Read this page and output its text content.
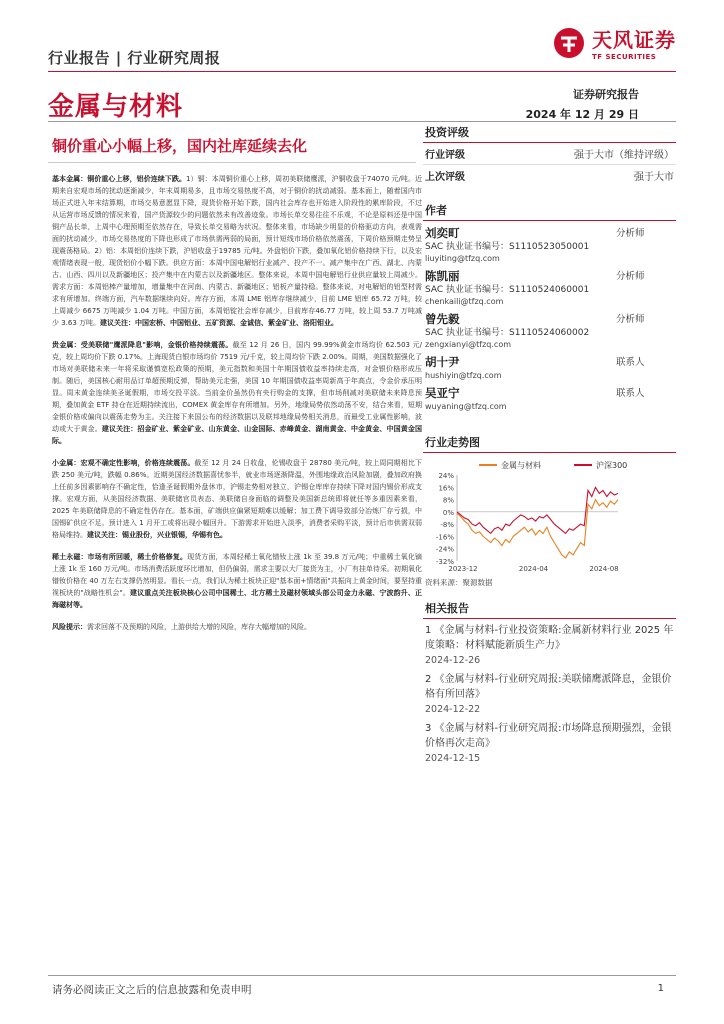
行业报告 | 行业研究周报
天风证券
TF SECURITIES
金属与材料	证券研究报告
2024 年 12 月 29 日
铜价重心小幅上移，国内社库延续去化

基本金属：铜价重心上移，铝价连续下跌。1）铜：本周铜价重心上移，周初美联储鹰派，沪铜收盘于74070 元/吨。近期来自宏观市场的扰动逐渐减少，年末周期易多，且市场交易热度不高，对于铜价的扰动减弱。基本面上，随着国内市场正式进入年末结算期，市场交易意愿显下降，现货价格开始下跌，国内社会库存也开始进入阶段性的累库阶段，不过从运营市场反馈的情况来看，国产货源较少的问题依然未有改善迹象。市场长单交易往往不乐观，不论是原料还是中国铜产品长单，上周中心理预期至依然存在，导致长单交易略为状况。整体来看，市场缺少明显的价格驱动方向，表观需面的扰动减少，市场交易热度的下降也形成了市场供需两弱的局面，预计短线市场价格依然震荡，下周价格预期走势呈现震荡格局。2）铝：本周铝价连续下跌，沪铝收盘于19785 元/吨。外盘铝价下跌，叠加氧化铝价格持续下行，以及宏观情绪表现一般，现货铝价小幅下跌。供应方面：本周中国电解铝行业减产、投产不一。减产集中在广西、湖北、内蒙古、山西、四川以及新疆地区；投产集中在内蒙古以及新疆地区。整体来说，本周中国电解铝行业供应量较上周减少。需求方面：本周铝棒产量增加，增量集中在河南、内蒙古、新疆地区；铝板产量持稳。整体来说，对电解铝的铝型材需求有所增加。终端方面，汽车数据继续向好。库存方面，本周 LME 铝库存继续减少，目前 LME 铝库 65.72 万吨，较上周减少 6675 万吨减少 1.04 万吨。中国方面，本周铝锭社会库存减少，目前库存46.77 万吨，较上周 53.7 万吨减少 3.63 万吨。建议关注：中国宏桥、中国铝业、五矿资源、金诚信、紫金矿业、洛阳钼业。

贵金属：受美联储"鹰派降息"影响，金银价格持续震荡。截至 12 月 26 日，国内 99.99%黄金市场均价 62.503 元/克，较上周均价下跌 0.17%。上海现货白银市场均价 7519 元/千克，较上周均价下跌 2.00%。周期，美国数据强化了市场对美联储未来一年将采取谨慎宽松政策的预期，美元指数和美国十年期国债收益率持续走高，对金银价格形成压制。随后，美国核心耐用品订单超预期反弹，帮助美元走强，美国 10 年期国债收益率周新高于年高点，令金价承压明显。周末黄金连续美圣诞假期，市场交投平淡。当前金价虽然仍有央行购金的支撑，但市场削减对美联储未来降息预期，叠加黄金 ETF 持仓在近期持续流出，COMEX 黄金库存有所增加。另外，地缘局势依然动荡不安，结合来看，短期金银价格或偏向以震荡走势为主。关注接下来国公布的经济数据以及联邦地缘局势相关消息，而最受工业属性影响，波动或大于黄金。建议关注：招金矿业、紫金矿业、山东黄金、山金国际、赤峰黄金、湖南黄金、中金黄金、中国黄金国际。

小金属：宏观不确定性影响，价格连续震荡。截至 12 月 24 日收盘，伦锡收盘于 28780 美元/吨，较上周同期相比下跌 250 美元/吨，跌幅 0.86%。近期美国经济数据喜忧参半，就业市场逐渐降温，外围地缘政治风险加剧，叠加政府换上任前多因素影响存不确定性，恰逢圣诞假期外盘休市，沪锡走势相对独立，沪锡仓库库存持续下降对国内锡价形成支撑。宏观方面，从美国经济数据、美联储官员表态、美联储自身面临的调整及美国新总统即将就任等多重因素来看，2025 年美联储降息的不确定性仍存在。基本面，矿端供应偏紧短期难以缓解；加工费下调导致部分冶炼厂存亏损，中国锡矿供应不足。预计进入 1 月开工或将出现小幅回升。下游需求开始进入淡季，消费者采购平淡，预计后市供需双弱格局维持。建议关注：锡业股份，兴业银锡，华锡有色。

稀土永磁：市场有所回暖，稀土价格修复。现货方面，本周轻稀土氧化镨钕上涨 1k 至 39.8 万元/吨；中重稀土氧化镝上涨 1k 至 160 万元/吨。市场消费活跃度环比增加，但仍偏弱，需求主要以大厂接货为主，小厂有挂单待采。初期氧化镨钕价格在 40 万左右支撑仍然明显。看长一点，我们认为稀土板块正迎"基本面+情绪面"共振向上黄金时间，要坚持重视板块的"战略性机会"。建议重点关注板块核心公司中国稀土、北方稀土及磁材领域头部公司金力永磁、宁波韵升、正海磁材等。

风险提示：需求回落不及预期的风险，上游供给大增的风险，库存大幅增加的风险。

投资评级
行业评级	强于大市（维持评级）
上次评级	强于大市
作者
刘奕町	分析师
SAC 执业证书编号：S1110523050001
liuyiting@tfzq.com
陈凯丽	分析师
SAC 执业证书编号：S1110524060001
chenkaili@tfzq.com
曾先毅	分析师
SAC 执业证书编号：S1110524060002
zengxianyi@tfzq.com
胡十尹	联系人
hushiyin@tfzq.com
吴亚宁	联系人
wuyaning@tfzq.com
行业走势图
金属与材料	沪深300
24%
16%
8%
0%
-8%
-16%
-24%
-32%
2023-12	2024-04	2024-08
资料来源：聚源数据
相关报告
1 《金属与材料-行业投资策略:金属新材料行业 2025 年度策略：材料赋能新质生产力》
2024-12-26
2 《金属与材料-行业研究周报:美联储鹰派降息，金银价格有所回落》
2024-12-22
3 《金属与材料-行业研究周报:市场降息预期强烈，金银价格再次走高》
2024-12-15
请务必阅读正文之后的信息披露和免责申明	1
